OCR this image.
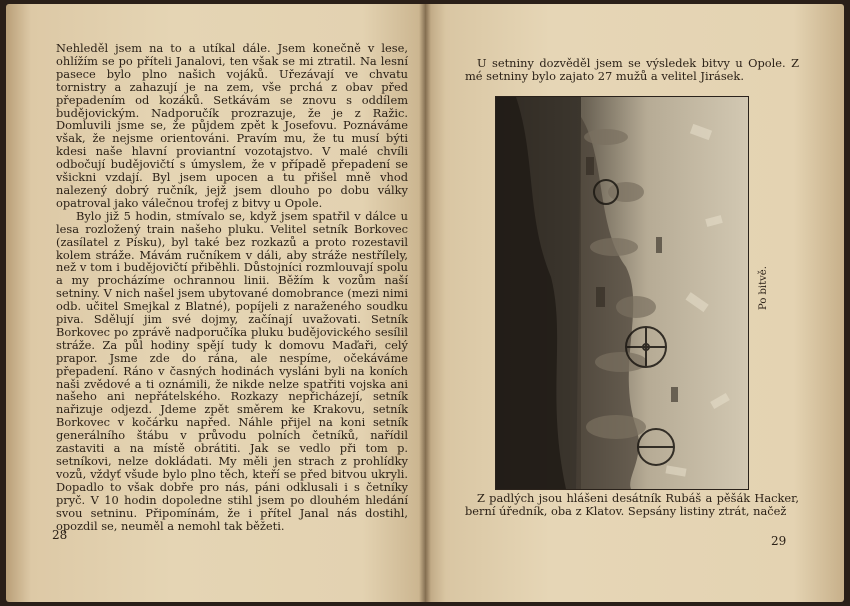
Nehleděl jsem na to a utíkal dále. Jsem konečně v lese, ohlížím se po příteli Janalovi, ten však se mi ztratil. Na lesní pasece bylo plno našich vojáků. Uřezávají ve chvatu tornistry a zahazují je na zem, vše prchá z obav před přepadením od kozáků. Setkávám se znovu s oddílem budějovickým. Nadporučík prozrazuje, že je z Ražic. Domluvili jsme se, že půjdem zpět k Josefovu. Poznáváme však, že nejsme orientováni. Pravím mu, že tu musí býti kdesi naše hlavní proviantní vozotajstvo. V malé chvíli odbočují budějovičtí s úmyslem, že v případě přepadení se všickni vzdají. Byl jsem upocen a tu přišel mně vhod nalezený dobrý ručník, jejž jsem dlouho po dobu války opatroval jako válečnou trofej z bitvy u Opole.

Bylo již 5 hodin, stmívalo se, když jsem spatřil v dálce u lesa rozložený train našeho pluku. Velitel setník Borkovec (zasílatel z Písku), byl také bez rozkazů a proto rozestavil kolem stráže. Mávám ručníkem v dáli, aby stráže nestřílely, než v tom i budějovičtí přiběhli. Důstojníci rozmlouvají spolu a my procházíme ochrannou linii. Běžím k vozům naší setniny. V nich našel jsem ubytované domobrance (mezi nimi odb. učitel Smejkal z Blatné), popíjeli z naraženého soudku piva. Sdělují jim své dojmy, začínají uvažovati. Setník Borkovec po zprávě nadporučíka pluku budějovického sesílil stráže. Za půl hodiny spějí tudy k domovu Maďaři, celý prapor. Jsme zde do rána, ale nespíme, očekáváme přepadení. Ráno v časných hodinách vysláni byli na koních naši zvědové a ti oznámili, že nikde nelze spatřiti vojska ani našeho ani nepřátelského. Rozkazy nepřicházejí, setník nařizuje odjezd. Jdeme zpět směrem ke Krakovu, setník Borkovec v kočárku napřed. Náhle přijel na koni setník generálního štábu v průvodu polních četníků, nařídil zastaviti a na místě obrátiti. Jak se vedlo při tom p. setníkovi, nelze dokládati. My měli jen strach z prohlídky vozů, vždyť všude bylo plno těch, kteří se před bitvou ukryli. Dopadlo to však dobře pro nás, páni odklusali i s četníky pryč. V 10 hodin dopoledne stihl jsem po dlouhém hledání svou setninu. Připomínám, že i přítel Janal nás dostihl, opozdil se, neuměl a nemohl tak běžeti.

28
U setniny dozvěděl jsem se výsledek bitvy u Opole. Z mé setniny bylo zajato 27 mužů a velitel Jirásek.
Po bitvě.
Z padlých jsou hlášeni desátník Rubáš a pěšák Hacker, berní úředník, oba z Klatov. Sepsány listiny ztrát, načež
29
